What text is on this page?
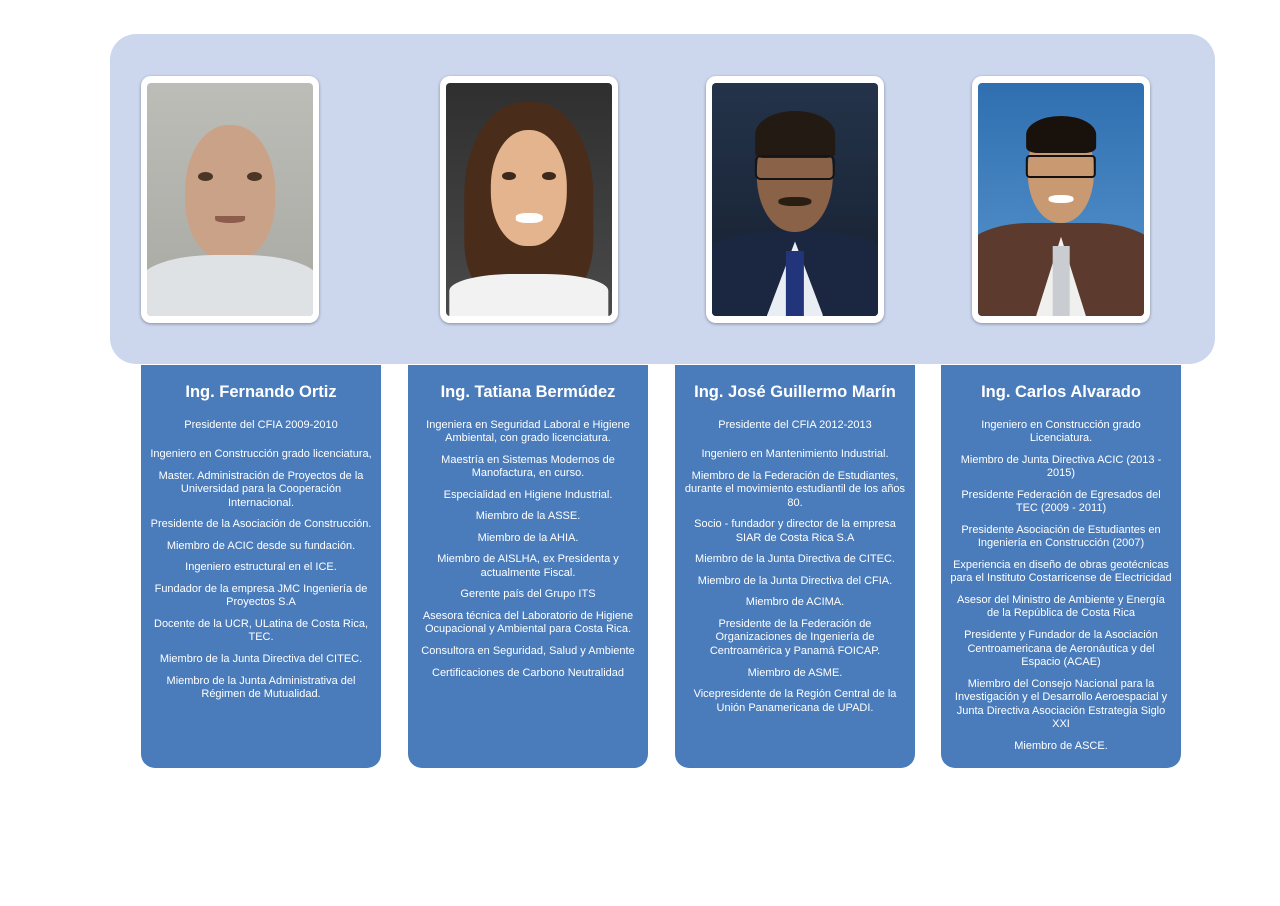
Ing. Fernando Ortiz

Presidente del CFIA 2009-2010

Ingeniero en Construcción grado licenciatura,

Master. Administración de Proyectos de la Universidad para la Cooperación Internacional.

Presidente de la Asociación de Construcción.

Miembro de ACIC desde su fundación.

Ingeniero estructural en el ICE.

Fundador de la empresa JMC Ingeniería de Proyectos S.A

Docente de la UCR, ULatina de Costa Rica, TEC.

Miembro de la Junta Directiva del CITEC.

Miembro de la Junta Administrativa del Régimen de Mutualidad.

Ing. Tatiana Bermúdez

Ingeniera en Seguridad Laboral e Higiene Ambiental, con grado licenciatura.

Maestría en Sistemas Modernos de Manofactura, en curso.

Especialidad en Higiene Industrial.

Miembro de la ASSE.

Miembro de la AHIA.

Miembro de AISLHA, ex Presidenta y actualmente Fiscal.

Gerente país del Grupo ITS

Asesora técnica del Laboratorio de Higiene Ocupacional y Ambiental para Costa Rica.

Consultora en Seguridad, Salud y Ambiente

Certificaciones de Carbono Neutralidad

Ing. José Guillermo Marín

Presidente del CFIA 2012-2013

Ingeniero en Mantenimiento Industrial.

Miembro de la Federación de Estudiantes, durante el movimiento estudiantil de los años 80.

Socio - fundador y director de la empresa SIAR de Costa Rica S.A

Miembro de la Junta Directiva de CITEC.

Miembro de la Junta Directiva del CFIA.

Miembro de ACIMA.

Presidente de la Federación de Organizaciones de Ingeniería de Centroamérica y Panamá FOICAP.

Miembro de ASME.

Vicepresidente de la Región Central de la Unión Panamericana de UPADI.

Ing. Carlos Alvarado

Ingeniero en Construcción grado Licenciatura.

Miembro de Junta Directiva ACIC (2013 - 2015)

Presidente Federación de Egresados del TEC (2009 - 2011)

Presidente Asociación de Estudiantes en Ingeniería en Construcción (2007)

Experiencia en diseño de obras geotécnicas para el Instituto Costarricense de Electricidad

Asesor del Ministro de Ambiente y Energía de la República de Costa Rica

Presidente y Fundador de la Asociación Centroamericana de Aeronáutica y del Espacio (ACAE)

Miembro del Consejo Nacional para la Investigación y el Desarrollo Aeroespacial y Junta Directiva Asociación Estrategia Siglo XXI

Miembro de ASCE.
